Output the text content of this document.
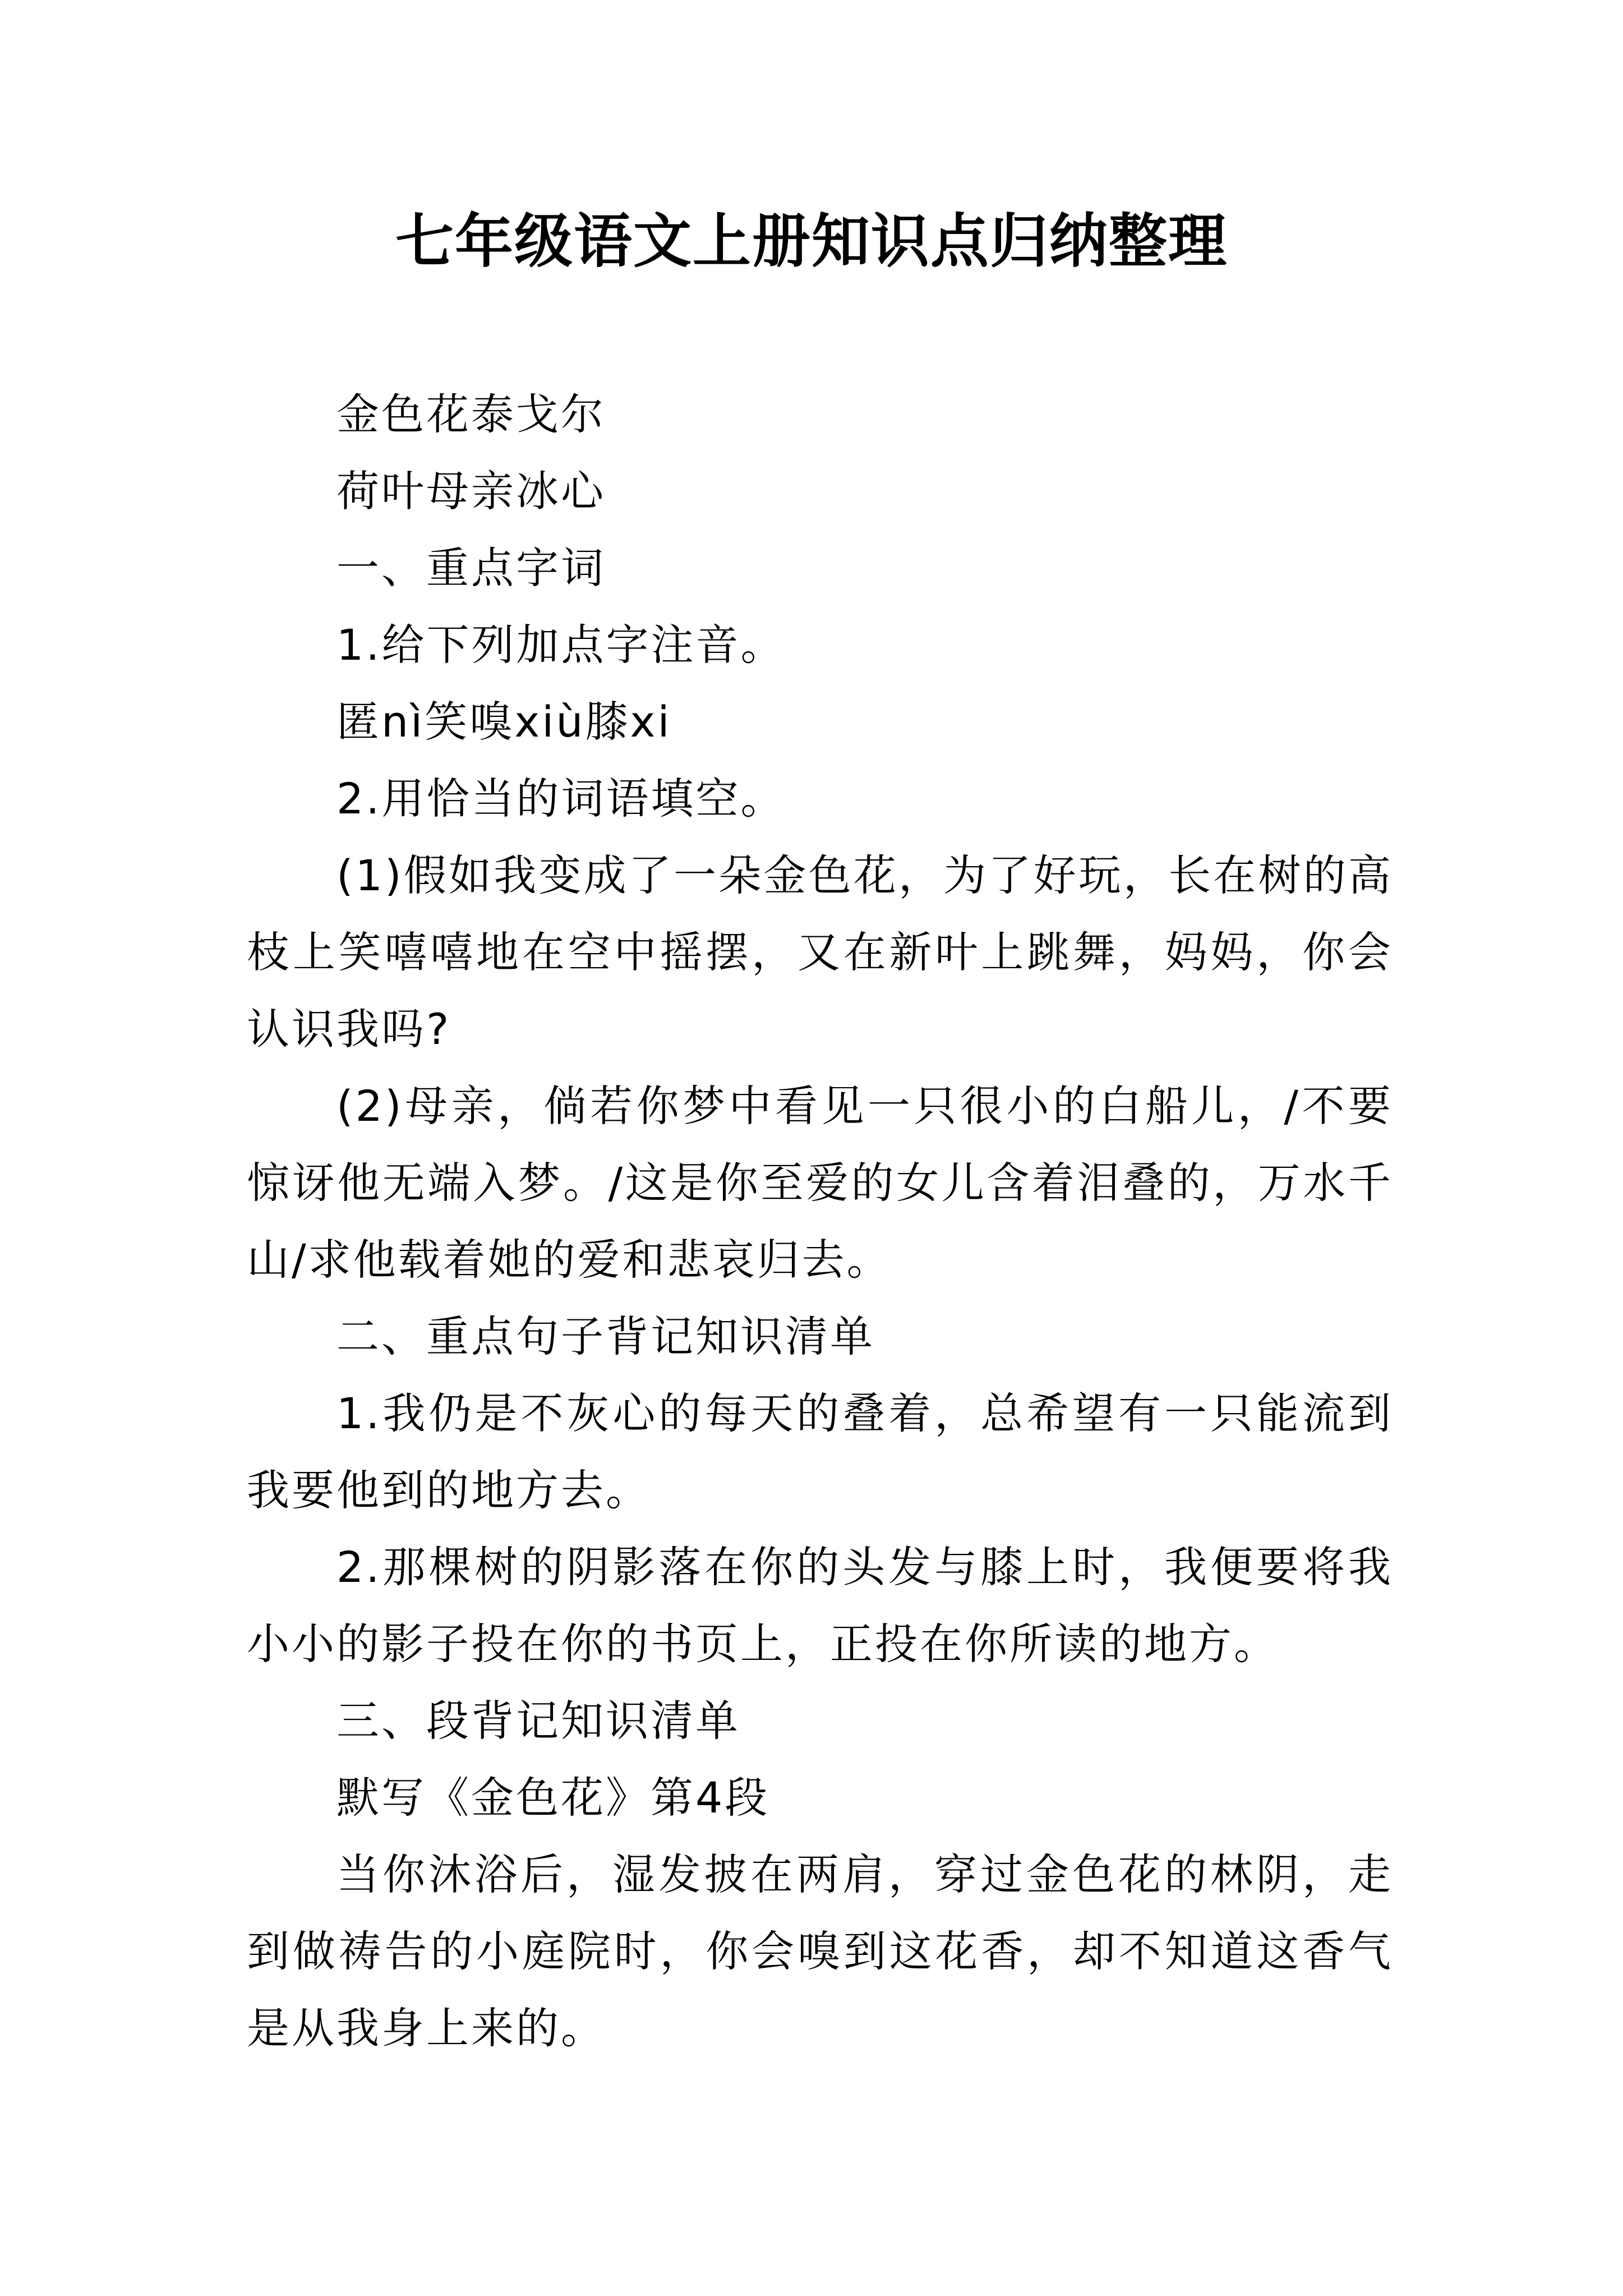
七年级语文上册知识点归纳整理

金色花泰戈尔

荷叶母亲冰心

一、重点字词

1.给下列加点字注音。

匿nì笑嗅xiù膝xi

2.用恰当的词语填空。

(1)假如我变成了一朵金色花，为了好玩，长在树的高枝上笑嘻嘻地在空中摇摆，又在新叶上跳舞，妈妈，你会认识我吗?

(2)母亲，倘若你梦中看见一只很小的白船儿，/不要惊讶他无端入梦。/这是你至爱的女儿含着泪叠的，万水千山/求他载着她的爱和悲哀归去。

二、重点句子背记知识清单

1.我仍是不灰心的每天的叠着，总希望有一只能流到我要他到的地方去。

2.那棵树的阴影落在你的头发与膝上时，我便要将我小小的影子投在你的书页上，正投在你所读的地方。

三、段背记知识清单

默写《金色花》第4段

当你沐浴后，湿发披在两肩，穿过金色花的林阴，走到做祷告的小庭院时，你会嗅到这花香，却不知道这香气是从我身上来的。
